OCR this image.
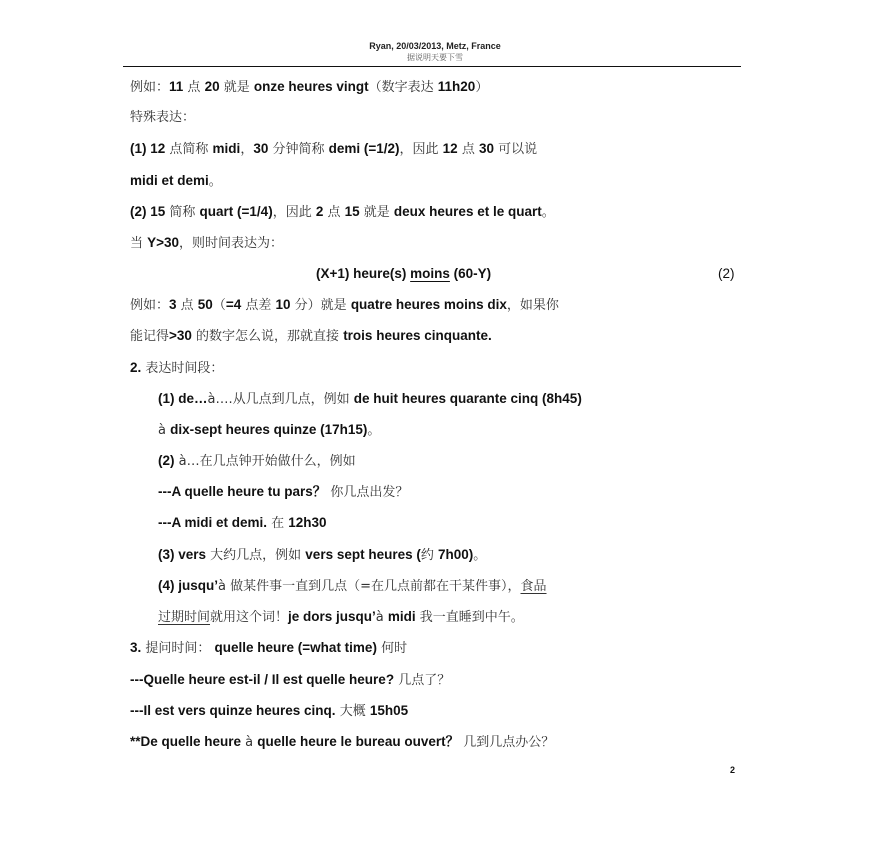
Ryan, 20/03/2013, Metz, France
据说明天要下雪
例如：11 点 20 就是 onze heures vingt（数字表达 11h20）
特殊表达：
(1) 12 点简称 midi，30 分钟简称 demi (=1/2)，因此 12 点 30 可以说
midi et demi。
(2) 15 简称 quart (=1/4)，因此 2 点 15 就是 deux heures et le quart。
当 Y>30，则时间表达为：
(X+1) heure(s) moins (60-Y)	(2)
例如：3 点 50（=4 点差 10 分）就是 quatre heures moins dix，如果你
能记得>30 的数字怎么说，那就直接 trois heures cinquante.
2. 表达时间段：
(1) de…à….从几点到几点，例如 de huit heures quarante cinq (8h45)
à dix-sept heures quinze (17h15)。
(2) à…在几点钟开始做什么，例如
---A quelle heure tu pars？ 你几点出发？
---A midi et demi. 在 12h30
(3) vers 大约几点，例如 vers sept heures (约 7h00)。
(4) jusqu’à 做某件事一直到几点（=在几点前都在干某件事），食品
过期时间就用这个词！je dors jusqu’à midi 我一直睡到中午。
3. 提问时间： quelle heure (=what time) 何时
---Quelle heure est-il / Il est quelle heure? 几点了？
---Il est vers quinze heures cinq. 大概 15h05
**De quelle heure à quelle heure le bureau ouvert？ 几到几点办公？
2
